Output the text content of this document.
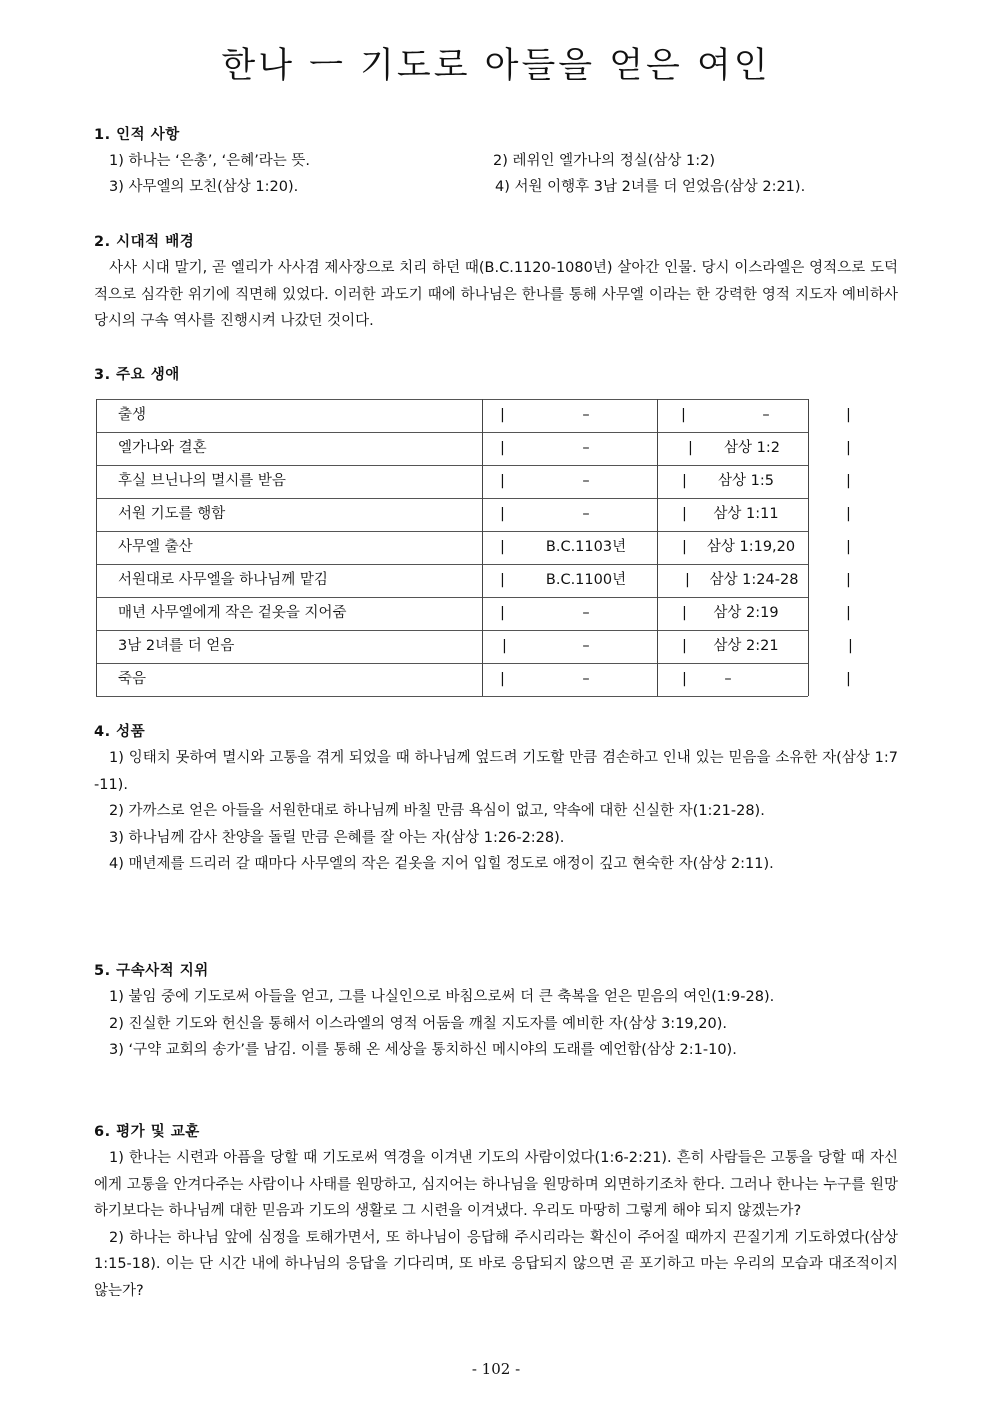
한나 ㅡ 기도로 아들을 얻은 여인
1. 인적 사항
1) 하나는 ‘은총’, ‘은혜’라는 뜻.	2) 레위인 엘가나의 정실(삼상 1:2)
3) 사무엘의 모친(삼상 1:20).	4) 서원 이행후 3남 2녀를 더 얻었음(삼상 2:21).
2. 시대적 배경
사사 시대 말기, 곧 엘리가 사사겸 제사장으로 치리 하던 때(B.C.1120-1080년) 살아간 인물. 당시 이스라엘은 영적으로 도덕적으로 심각한 위기에 직면해 있었다. 이러한 과도기 때에 하나님은 한나를 통해 사무엘 이라는 한 강력한 영적 지도자 예비하사 당시의 구속 역사를 진행시켜 나갔던 것이다.
3. 주요 생애
출생	|	–	|	–	|
엘가나와 결혼	|	–	|	삼상 1:2	|
후실 브닌나의 멸시를 받음	|	–	|	삼상 1:5	|
서원 기도를 행함	|	–	|	삼상 1:11	|
사무엘 출산	|	B.C.1103년	|	삼상 1:19,20	|
서원대로 사무엘을 하나님께 맡김	|	B.C.1100년	|	삼상 1:24-28	|
매년 사무엘에게 작은 겉옷을 지어줌	|	–	|	삼상 2:19	|
3남 2녀를 더 얻음	|	–	|	삼상 2:21	|
죽음	|	–	|	–	|
4. 성품
1) 잉태치 못하여 멸시와 고통을 겪게 되었을 때 하나님께 엎드려 기도할 만큼 겸손하고 인내 있는 믿음을 소유한 자(삼상 1:7-11).
2) 가까스로 얻은 아들을 서원한대로 하나님께 바칠 만큼 욕심이 없고, 약속에 대한 신실한 자(1:21-28).
3) 하나님께 감사 찬양을 돌릴 만큼 은혜를 잘 아는 자(삼상 1:26-2:28).
4) 매년제를 드리러 갈 때마다 사무엘의 작은 겉옷을 지어 입힐 정도로 애정이 깊고 현숙한 자(삼상 2:11).
5. 구속사적 지위
1) 불임 중에 기도로써 아들을 얻고, 그를 나실인으로 바침으로써 더 큰 축복을 얻은 믿음의 여인(1:9-28).
2) 진실한 기도와 헌신을 통해서 이스라엘의 영적 어둠을 깨칠 지도자를 예비한 자(삼상 3:19,20).
3) ‘구약 교회의 송가’를 남김. 이를 통해 온 세상을 통치하신 메시야의 도래를 예언함(삼상 2:1-10).
6. 평가 및 교훈
1) 한나는 시련과 아픔을 당할 때 기도로써 역경을 이겨낸 기도의 사람이었다(1:6-2:21). 흔히 사람들은 고통을 당할 때 자신에게 고통을 안겨다주는 사람이나 사태를 원망하고, 심지어는 하나님을 원망하며 외면하기조차 한다. 그러나 한나는 누구를 원망하기보다는 하나님께 대한 믿음과 기도의 생활로 그 시련을 이겨냈다. 우리도 마땅히 그렇게 해야 되지 않겠는가?
2) 하나는 하나님 앞에 심정을 토해가면서, 또 하나님이 응답해 주시리라는 확신이 주어질 때까지 끈질기게 기도하였다(삼상1:15-18). 이는 단 시간 내에 하나님의 응답을 기다리며, 또 바로 응답되지 않으면 곧 포기하고 마는 우리의 모습과 대조적이지 않는가?
- 102 -
